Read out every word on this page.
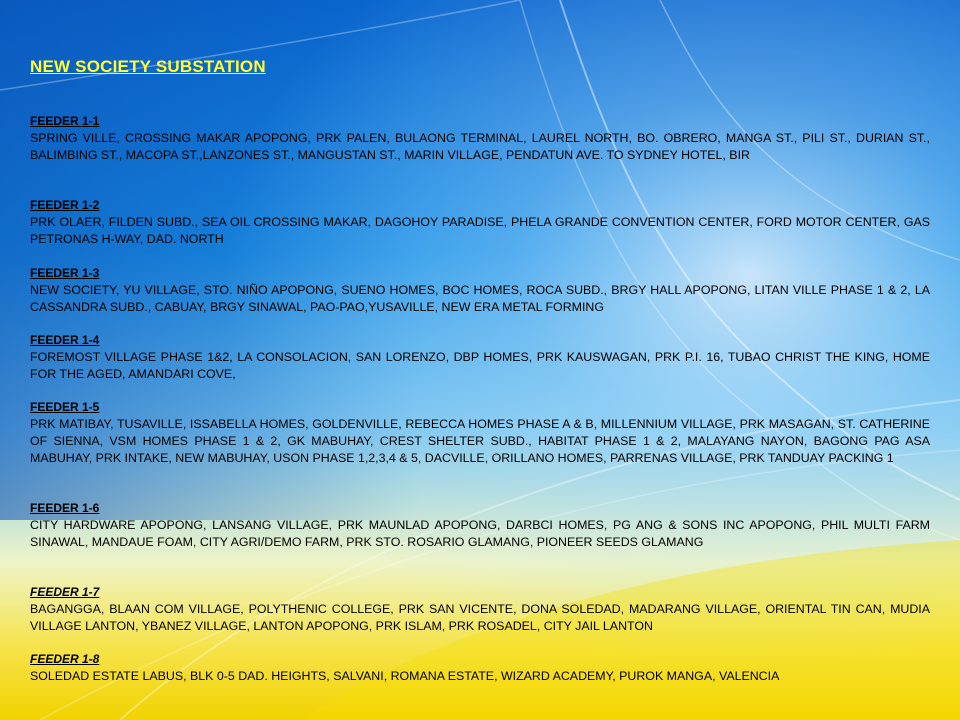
NEW SOCIETY SUBSTATION

FEEDER 1-1

SPRING VILLE, CROSSING MAKAR APOPONG, PRK PALEN, BULAONG TERMINAL, LAUREL NORTH, BO. OBRERO, MANGA ST., PILI ST., DURIAN ST.,  BALIMBING ST., MACOPA ST.,LANZONES ST., MANGUSTAN ST., MARIN VILLAGE, PENDATUN AVE. TO SYDNEY HOTEL, BIR

FEEDER 1-2

PRK OLAER, FILDEN SUBD., SEA OIL CROSSING MAKAR, DAGOHOY PARADISE, PHELA GRANDE CONVENTION CENTER, FORD MOTOR CENTER, GAS PETRONAS H-WAY, DAD. NORTH

FEEDER 1-3

NEW SOCIETY, YU VILLAGE, STO. NIÑO APOPONG, SUENO HOMES, BOC HOMES, ROCA SUBD., BRGY HALL APOPONG, LITAN VILLE PHASE 1 & 2, LA CASSANDRA SUBD., CABUAY, BRGY SINAWAL, PAO-PAO,YUSAVILLE, NEW ERA METAL FORMING

FEEDER 1-4

FOREMOST VILLAGE PHASE 1&2, LA CONSOLACION, SAN LORENZO, DBP HOMES, PRK KAUSWAGAN, PRK P.I. 16, TUBAO CHRIST THE KING, HOME FOR THE AGED, AMANDARI COVE,

FEEDER 1-5

PRK MATIBAY, TUSAVILLE, ISSABELLA HOMES, GOLDENVILLE, REBECCA HOMES PHASE A & B, MILLENNIUM VILLAGE, PRK MASAGAN, ST. CATHERINE OF SIENNA, VSM HOMES PHASE 1 & 2, GK MABUHAY, CREST SHELTER SUBD., HABITAT PHASE 1 & 2, MALAYANG NAYON, BAGONG PAG ASA MABUHAY, PRK INTAKE, NEW MABUHAY, USON PHASE 1,2,3,4 & 5, DACVILLE, ORILLANO HOMES, PARRENAS VILLAGE, PRK TANDUAY PACKING 1

FEEDER 1-6

CITY HARDWARE APOPONG, LANSANG VILLAGE, PRK MAUNLAD APOPONG, DARBCI HOMES, PG ANG & SONS INC APOPONG, PHIL MULTI FARM SINAWAL, MANDAUE FOAM, CITY AGRI/DEMO FARM, PRK STO. ROSARIO GLAMANG, PIONEER SEEDS GLAMANG

FEEDER 1-7

BAGANGGA, BLAAN COM VILLAGE, POLYTHENIC COLLEGE, PRK SAN VICENTE, DONA SOLEDAD, MADARANG VILLAGE, ORIENTAL TIN CAN, MUDIA VILLAGE LANTON, YBANEZ VILLAGE, LANTON APOPONG, PRK ISLAM, PRK ROSADEL, CITY JAIL LANTON

FEEDER 1-8

SOLEDAD ESTATE LABUS, BLK 0-5 DAD. HEIGHTS, SALVANI, ROMANA ESTATE, WIZARD ACADEMY, PUROK MANGA, VALENCIA
